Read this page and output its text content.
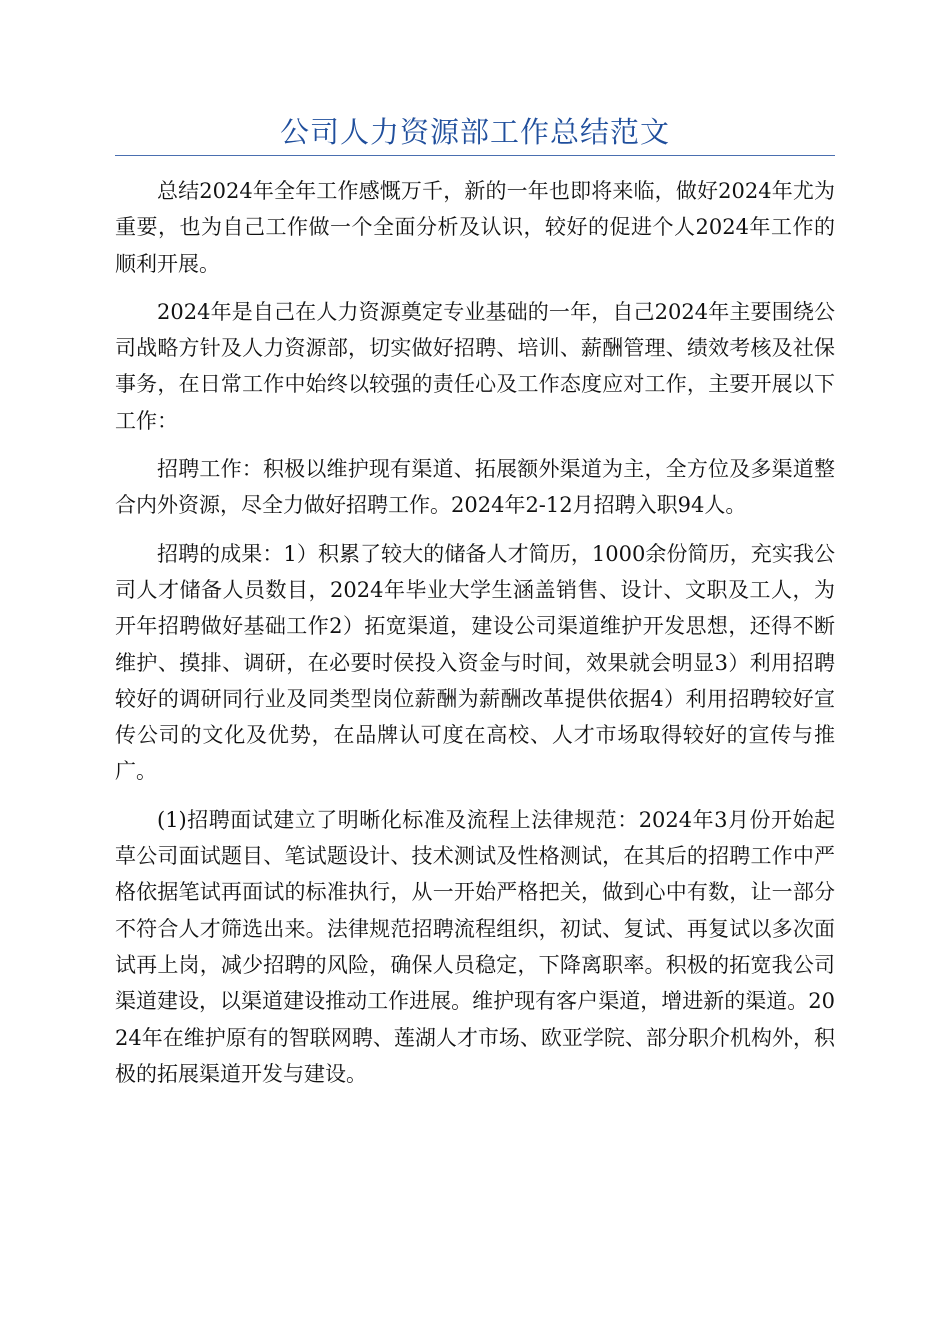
公司人力资源部工作总结范文

总结2024年全年工作感慨万千，新的一年也即将来临，做好2024年尤为重要，也为自己工作做一个全面分析及认识，较好的促进个人2024年工作的顺利开展。

2024年是自己在人力资源奠定专业基础的一年，自己2024年主要围绕公司战略方针及人力资源部，切实做好招聘、培训、薪酬管理、绩效考核及社保事务，在日常工作中始终以较强的责任心及工作态度应对工作，主要开展以下工作：

招聘工作：积极以维护现有渠道、拓展额外渠道为主，全方位及多渠道整合内外资源，尽全力做好招聘工作。2024年2-12月招聘入职94人。

招聘的成果：1）积累了较大的储备人才简历，1000余份简历，充实我公司人才储备人员数目，2024年毕业大学生涵盖销售、设计、文职及工人，为开年招聘做好基础工作2）拓宽渠道，建设公司渠道维护开发思想，还得不断维护、摸排、调研，在必要时侯投入资金与时间，效果就会明显3）利用招聘较好的调研同行业及同类型岗位薪酬为薪酬改革提供依据4）利用招聘较好宣传公司的文化及优势，在品牌认可度在高校、人才市场取得较好的宣传与推广。

(1)招聘面试建立了明晰化标准及流程上法律规范：2024年3月份开始起草公司面试题目、笔试题设计、技术测试及性格测试，在其后的招聘工作中严格依据笔试再面试的标准执行，从一开始严格把关，做到心中有数，让一部分不符合人才筛选出来。法律规范招聘流程组织，初试、复试、再复试以多次面试再上岗，减少招聘的风险，确保人员稳定，下降离职率。积极的拓宽我公司渠道建设，以渠道建设推动工作进展。维护现有客户渠道，增进新的渠道。2024年在维护原有的智联网聘、莲湖人才市场、欧亚学院、部分职介机构外，积极的拓展渠道开发与建设。
